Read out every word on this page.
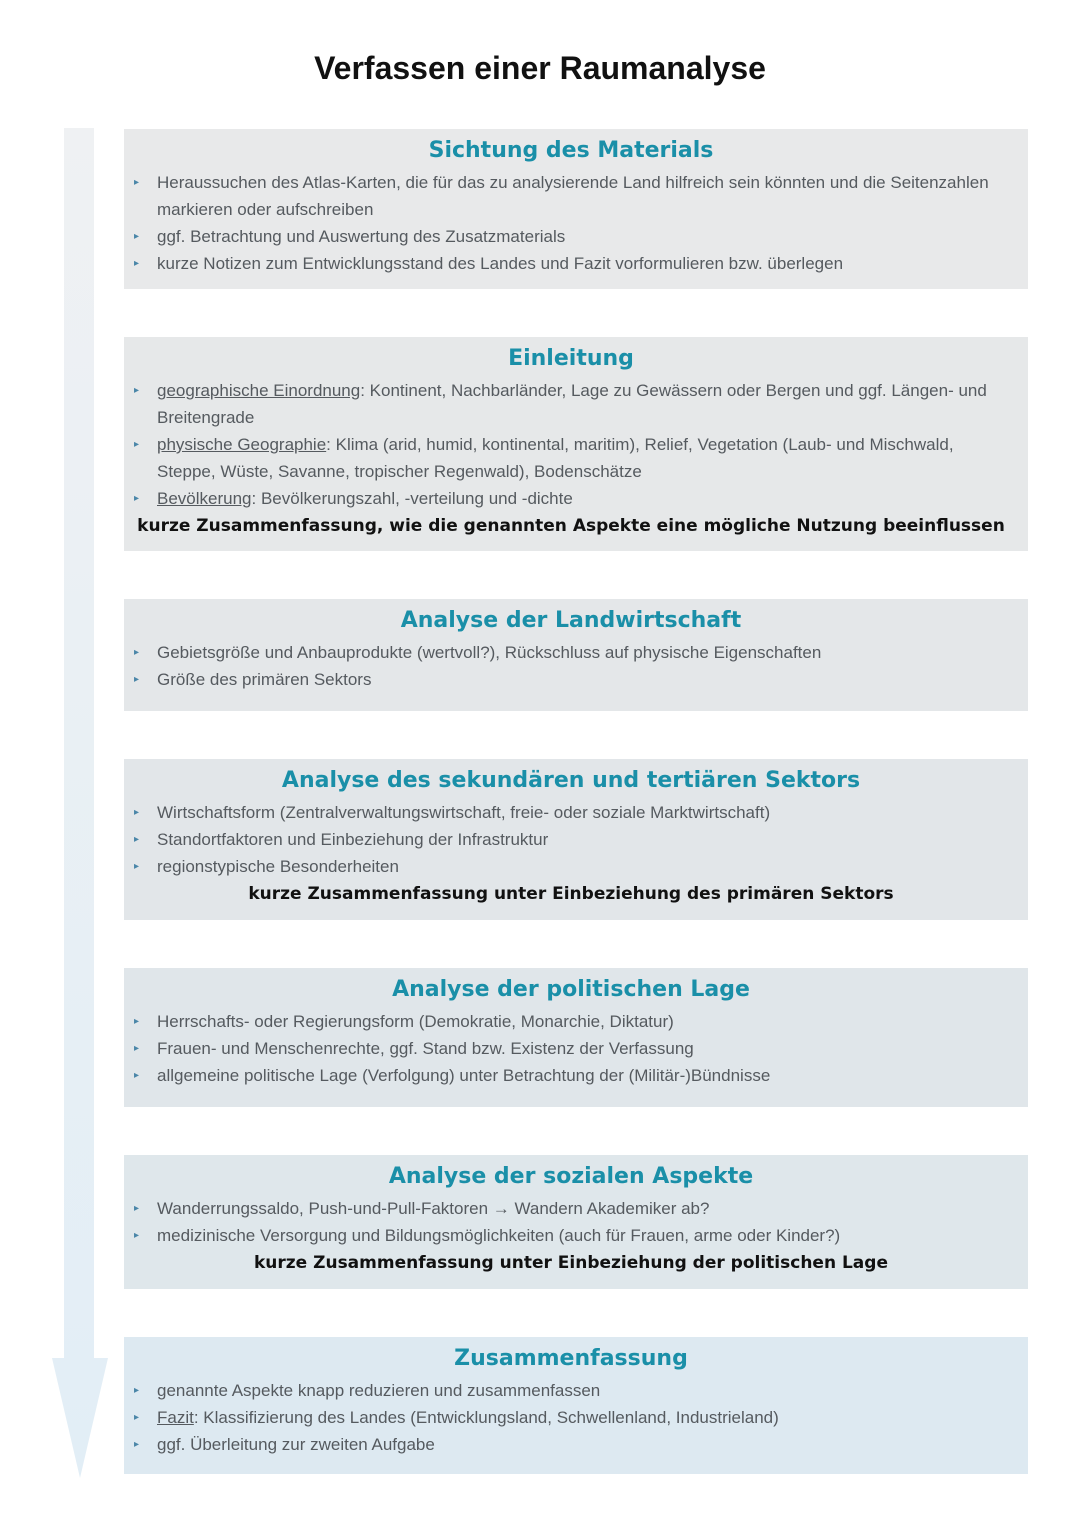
Verfassen einer Raumanalyse
Sichtung des Materials
▸ Heraussuchen des Atlas-Karten, die für das zu analysierende Land hilfreich sein könnten und die Seitenzahlen markieren oder aufschreiben
▸ ggf. Betrachtung und Auswertung des Zusatzmaterials
▸ kurze Notizen zum Entwicklungsstand des Landes und Fazit vorformulieren bzw. überlegen
Einleitung
▸ geographische Einordnung: Kontinent, Nachbarländer, Lage zu Gewässern oder Bergen und ggf. Längen- und Breitengrade
▸ physische Geographie: Klima (arid, humid, kontinental, maritim), Relief, Vegetation (Laub- und Mischwald, Steppe, Wüste, Savanne, tropischer Regenwald), Bodenschätze
▸ Bevölkerung: Bevölkerungszahl, -verteilung und -dichte
kurze Zusammenfassung, wie die genannten Aspekte eine mögliche Nutzung beeinflussen
Analyse der Landwirtschaft
▸ Gebietsgröße und Anbauprodukte (wertvoll?), Rückschluss auf physische Eigenschaften
▸ Größe des primären Sektors
Analyse des sekundären und tertiären Sektors
▸ Wirtschaftsform (Zentralverwaltungswirtschaft, freie- oder soziale Marktwirtschaft)
▸ Standortfaktoren und Einbeziehung der Infrastruktur
▸ regionstypische Besonderheiten
kurze Zusammenfassung unter Einbeziehung des primären Sektors
Analyse der politischen Lage
▸ Herrschafts- oder Regierungsform (Demokratie, Monarchie, Diktatur)
▸ Frauen- und Menschenrechte, ggf. Stand bzw. Existenz der Verfassung
▸ allgemeine politische Lage (Verfolgung) unter Betrachtung der (Militär-)Bündnisse
Analyse der sozialen Aspekte
▸ Wanderrungssaldo, Push-und-Pull-Faktoren → Wandern Akademiker ab?
▸ medizinische Versorgung und Bildungsmöglichkeiten (auch für Frauen, arme oder Kinder?)
kurze Zusammenfassung unter Einbeziehung der politischen Lage
Zusammenfassung
▸ genannte Aspekte knapp reduzieren und zusammenfassen
▸ Fazit: Klassifizierung des Landes (Entwicklungsland, Schwellenland, Industrieland)
▸ ggf. Überleitung zur zweiten Aufgabe
